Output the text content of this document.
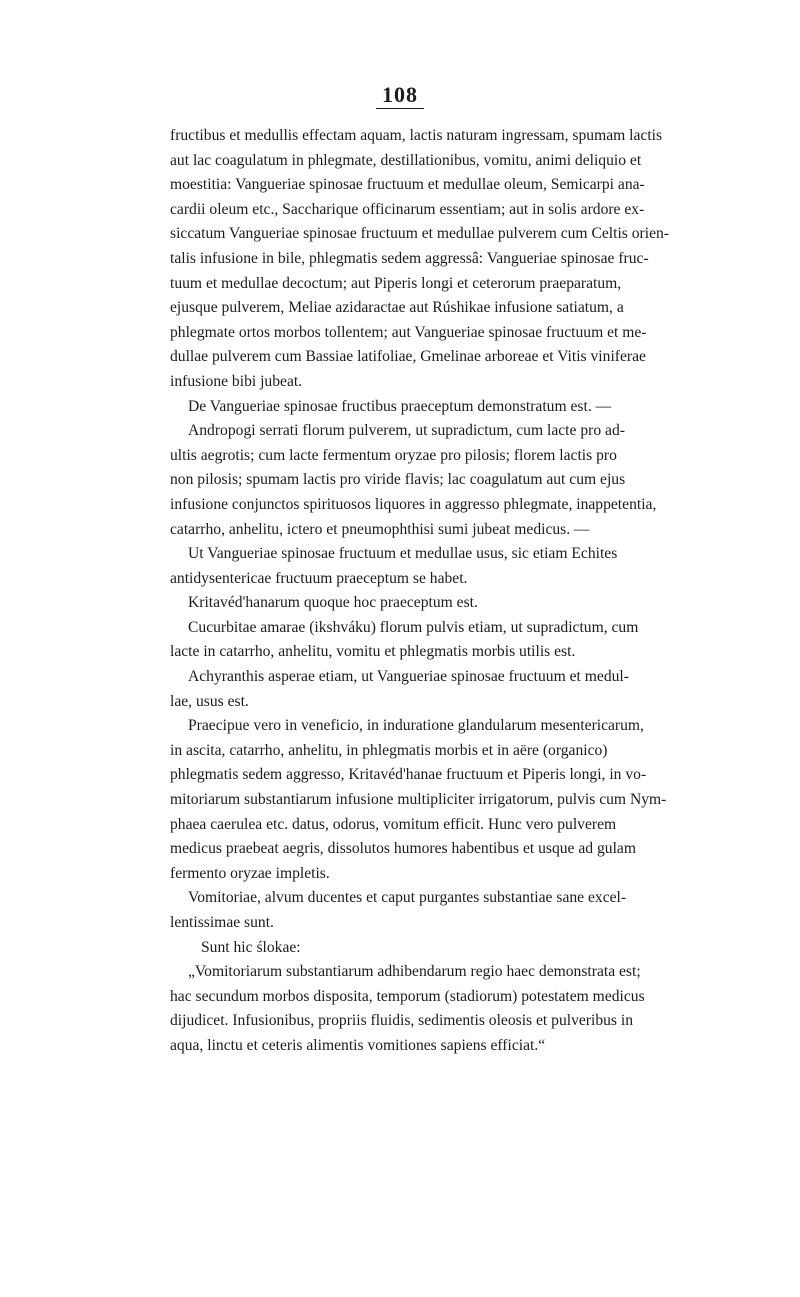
108
fructibus et medullis effectam aquam, lactis naturam ingressam, spumam lactis
aut lac coagulatum in phlegmate, destillationibus, vomitu, animi deliquio et
moestitia: Vangueriae spinosae fructuum et medullae oleum, Semicarpi ana-
cardii oleum etc., Saccharique officinarum essentiam; aut in solis ardore ex-
siccatum Vangueriae spinosae fructuum et medullae pulverem cum Celtis orien-
talis infusione in bile, phlegmatis sedem aggressâ: Vangueriae spinosae fruc-
tuum et medullae decoctum; aut Piperis longi et ceterorum praeparatum,
ejusque pulverem, Meliae azidaractae aut Rúshikae infusione satiatum, a
phlegmate ortos morbos tollentem; aut Vangueriae spinosae fructuum et me-
dullae pulverem cum Bassiae latifoliae, Gmelinae arboreae et Vitis viniferae
infusione bibi jubeat.
De Vangueriae spinosae fructibus praeceptum demonstratum est. —
Andropogi serrati florum pulverem, ut supradictum, cum lacte pro ad-
ultis aegrotis; cum lacte fermentum oryzae pro pilosis; florem lactis pro
non pilosis; spumam lactis pro viride flavis; lac coagulatum aut cum ejus
infusione conjunctos spirituosos liquores in aggresso phlegmate, inappetentia,
catarrho, anhelitu, ictero et pneumophthisi sumi jubeat medicus. —
Ut Vangueriae spinosae fructuum et medullae usus, sic etiam Echites
antidysentericae fructuum praeceptum se habet.
Kritavéd'hanarum quoque hoc praeceptum est.
Cucurbitae amarae (ikshváku) florum pulvis etiam, ut supradictum, cum
lacte in catarrho, anhelitu, vomitu et phlegmatis morbis utilis est.
Achyranthis asperae etiam, ut Vangueriae spinosae fructuum et medul-
lae, usus est.
Praecipue vero in veneficio, in induratione glandularum mesentericarum,
in ascita, catarrho, anhelitu, in phlegmatis morbis et in aëre (organico)
phlegmatis sedem aggresso, Kritavéd'hanae fructuum et Piperis longi, in vo-
mitoriarum substantiarum infusione multipliciter irrigatorum, pulvis cum Nym-
phaea caerulea etc. datus, odorus, vomitum efficit. Hunc vero pulverem
medicus praebeat aegris, dissolutos humores habentibus et usque ad gulam
fermento oryzae impletis.
Vomitoriae, alvum ducentes et caput purgantes substantiae sane excel-
lentissimae sunt.
Sunt hic ślokae:
„Vomitoriarum substantiarum adhibendarum regio haec demonstrata est;
hac secundum morbos disposita, temporum (stadiorum) potestatem medicus
dijudicet. Infusionibus, propriis fluidis, sedimentis oleosis et pulveribus in
aqua, linctu et ceteris alimentis vomitiones sapiens efficiat.“
